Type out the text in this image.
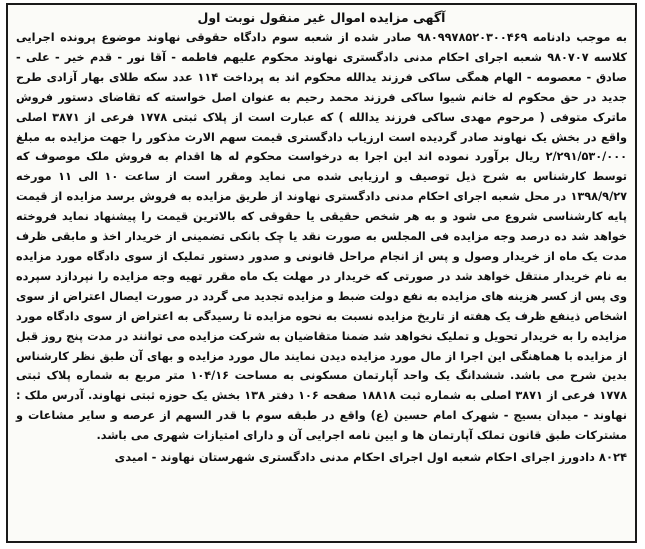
آگهی مزایده اموال غیر منقول نوبت اول

به موجب دادنامه ۹۸۰۹۹۷۸۵۲۰۳۰۰۴۶۹ صادر شده از شعبه سوم دادگاه حقوقی نهاوند موضوع پرونده اجرایی کلاسه ۹۸۰۷۰۷ شعبه اجرای احکام مدنی دادگستری نهاوند محکوم علیهم فاطمه - آقا نور - قدم خیر - علی - صادق - معصومه - الهام همگی ساکی فرزند یدالله محکوم اند به پرداخت ۱۱۴ عدد سکه طلای بهار آزادی طرح جدید در حق محکوم له خانم شیوا ساکی فرزند محمد رحیم به عنوان اصل خواسته که تقاضای دستور فروش ماترک متوفی ( مرحوم مهدی ساکی فرزند یدالله ) که عبارت است از پلاک ثبتی ۱۷۷۸ فرعی از ۳۸۷۱ اصلی واقع در بخش یک نهاوند صادر گردیده است ارزیاب دادگستری قیمت سهم الارث مذکور را جهت مزایده به مبلغ ۲/۲۹۱/۵۳۰/۰۰۰ ریال برآورد نموده اند این اجرا به درخواست محکوم له ها اقدام به فروش ملک موصوف که توسط کارشناس به شرح ذیل توصیف و ارزیابی شده می نماید ومقرر است از ساعت ۱۰ الی ۱۱ مورخه ۱۳۹۸/۹/۲۷ در محل شعبه اجرای احکام مدنی دادگستری نهاوند از طریق مزایده به فروش برسد مزایده از قیمت پایه کارشناسی شروع می شود و به هر شخص حقیقی یا حقوقی که بالاترین قیمت را پیشنهاد نماید فروخته خواهد شد ده درصد وجه مزایده فی المجلس به صورت نقد یا چک بانکی تضمینی از خریدار اخذ و مابقی ظرف مدت یک ماه از خریدار وصول و پس از انجام مراحل قانونی و صدور دستور تملیک از سوی دادگاه مورد مزایده به نام خریدار منتقل خواهد شد در صورتی که خریدار در مهلت یک ماه مقرر تهیه وجه مزایده را نپردازد سپرده وی پس از کسر هزینه های مزایده به نفع دولت ضبط و مزایده تجدید می گردد در صورت ایصال اعتراض از سوی اشخاص ذینفع ظرف یک هفته از تاریخ مزایده نسبت به نحوه مزایده تا رسیدگی به اعتراض از سوی دادگاه مورد مزایده را به خریدار تحویل و تملیک نخواهد شد ضمنا متقاضیان به شرکت مزایده می توانند در مدت پنج روز قبل از مزایده با هماهنگی این اجرا از مال مورد مزایده دیدن نمایند مال مورد مزایده و بهای آن طبق نظر کارشناس بدین شرح می باشد. ششدانگ یک واحد آپارتمان مسکونی به مساحت ۱۰۴/۱۶ متر مربع به شماره پلاک ثبتی ۱۷۷۸ فرعی از ۳۸۷۱ اصلی به شماره ثبت ۱۸۸۱۸ صفحه ۱۰۶ دفتر ۱۳۸ بخش یک حوزه ثبتی نهاوند. آدرس ملک : نهاوند - میدان بسیج - شهرک امام حسین (ع) واقع در طبقه سوم با قدر السهم از عرصه و سایر مشاعات و مشترکات طبق قانون تملک آپارتمان ها و ایین نامه اجرایی آن و دارای امتیازات شهری می باشد.

۸۰۲۴ دادورز اجرای احکام شعبه اول اجرای احکام مدنی دادگستری شهرستان نهاوند - امیدی
